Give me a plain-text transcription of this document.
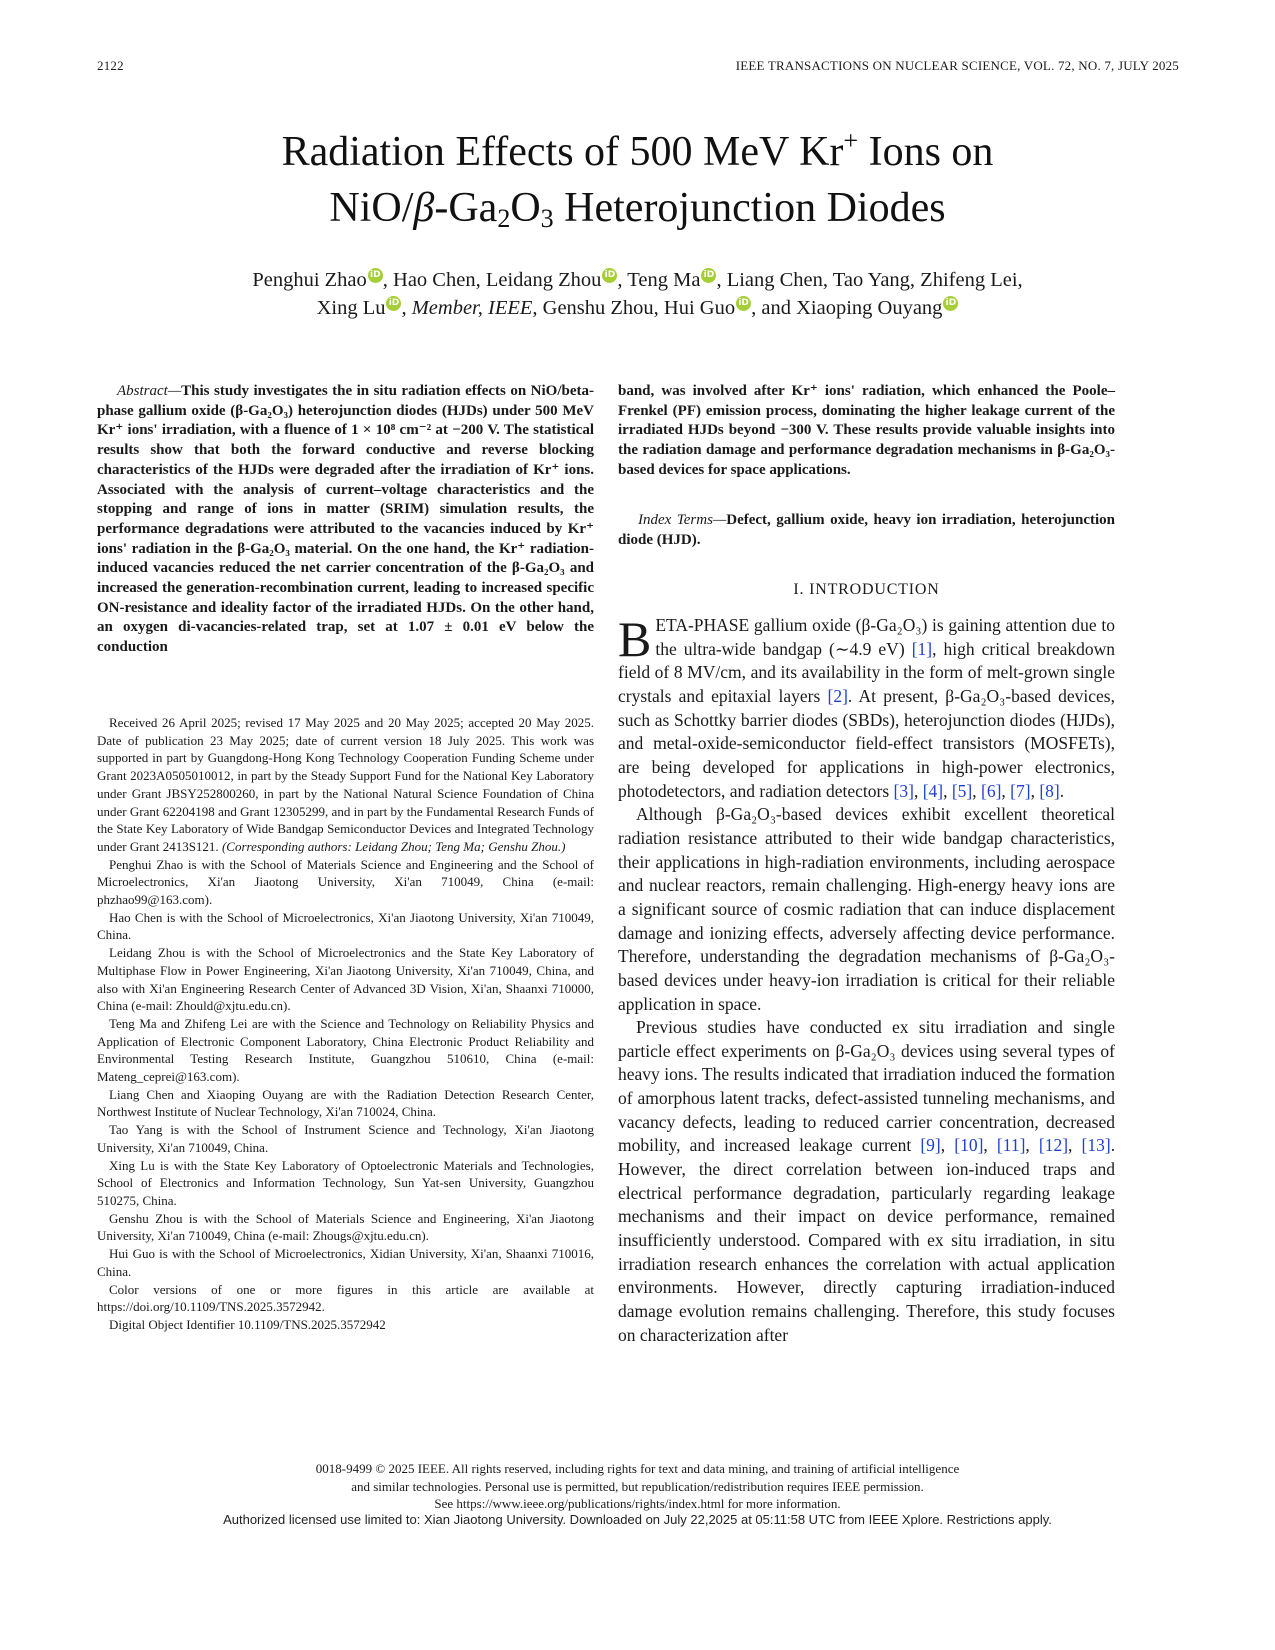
2122	IEEE TRANSACTIONS ON NUCLEAR SCIENCE, VOL. 72, NO. 7, JULY 2025
Radiation Effects of 500 MeV Kr+ Ions on
NiO/$\beta-Ga_2O_3$ Heterojunction Diodes
Penghui Zhao iD , Hao Chen, Leidang Zhou iD , Teng Ma iD , Liang Chen, Tao Yang, Zhifeng Lei,
Xing Lu iD , Member, IEEE, Genshu Zhou, Hui Guo iD , and Xiaoping Ouyang iD
Abstract—This study investigates the in situ radiation effects on NiO/beta-phase gallium oxide (β-Ga₂O₃) heterojunction diodes (HJDs) under 500 MeV Kr⁺ ions' irradiation, with a fluence of 1 × 10⁸ cm⁻² at −200 V. The statistical results show that both the forward conductive and reverse blocking characteristics of the HJDs were degraded after the irradiation of Kr⁺ ions. Associated with the analysis of current–voltage characteristics and the stopping and range of ions in matter (SRIM) simulation results, the performance degradations were attributed to the vacancies induced by Kr⁺ ions' radiation in the β-Ga₂O₃ material. On the one hand, the Kr⁺ radiation-induced vacancies reduced the net carrier concentration of the β-Ga₂O₃ and increased the generation-recombination current, leading to increased specific ON-resistance and ideality factor of the irradiated HJDs. On the other hand, an oxygen di-vacancies-related trap, set at 1.07 ± 0.01 eV below the conduction
band, was involved after Kr⁺ ions' radiation, which enhanced the Poole–Frenkel (PF) emission process, dominating the higher leakage current of the irradiated HJDs beyond −300 V. These results provide valuable insights into the radiation damage and performance degradation mechanisms in β-Ga₂O₃-based devices for space applications.
Index Terms—Defect, gallium oxide, heavy ion irradiation, heterojunction diode (HJD).
I. INTRODUCTION

BETA-PHASE gallium oxide (β-Ga₂O₃) is gaining attention due to the ultra-wide bandgap (∼4.9 eV) [1], high critical breakdown field of 8 MV/cm, and its availability in the form of melt-grown single crystals and epitaxial layers [2]. At present, β-Ga₂O₃-based devices, such as Schottky barrier diodes (SBDs), heterojunction diodes (HJDs), and metal-oxide-semiconductor field-effect transistors (MOSFETs), are being developed for applications in high-power electronics, photodetectors, and radiation detectors [3], [4], [5], [6], [7], [8].

Although β-Ga₂O₃-based devices exhibit excellent theoretical radiation resistance attributed to their wide bandgap characteristics, their applications in high-radiation environments, including aerospace and nuclear reactors, remain challenging. High-energy heavy ions are a significant source of cosmic radiation that can induce displacement damage and ionizing effects, adversely affecting device performance. Therefore, understanding the degradation mechanisms of β-Ga₂O₃-based devices under heavy-ion irradiation is critical for their reliable application in space.

Previous studies have conducted ex situ irradiation and single particle effect experiments on β-Ga₂O₃ devices using several types of heavy ions. The results indicated that irradiation induced the formation of amorphous latent tracks, defect-assisted tunneling mechanisms, and vacancy defects, leading to reduced carrier concentration, decreased mobility, and increased leakage current [9], [10], [11], [12], [13]. However, the direct correlation between ion-induced traps and electrical performance degradation, particularly regarding leakage mechanisms and their impact on device performance, remained insufficiently understood. Compared with ex situ irradiation, in situ irradiation research enhances the correlation with actual application environments. However, directly capturing irradiation-induced damage evolution remains challenging. Therefore, this study focuses on characterization after

Received 26 April 2025; revised 17 May 2025 and 20 May 2025; accepted 20 May 2025. Date of publication 23 May 2025; date of current version 18 July 2025. This work was supported in part by Guangdong-Hong Kong Technology Cooperation Funding Scheme under Grant 2023A0505010012, in part by the Steady Support Fund for the National Key Laboratory under Grant JBSY252800260, in part by the National Natural Science Foundation of China under Grant 62204198 and Grant 12305299, and in part by the Fundamental Research Funds of the State Key Laboratory of Wide Bandgap Semiconductor Devices and Integrated Technology under Grant 2413S121. (Corresponding authors: Leidang Zhou; Teng Ma; Genshu Zhou.)

Penghui Zhao is with the School of Materials Science and Engineering and the School of Microelectronics, Xi'an Jiaotong University, Xi'an 710049, China (e-mail: phzhao99@163.com).

Hao Chen is with the School of Microelectronics, Xi'an Jiaotong University, Xi'an 710049, China.

Leidang Zhou is with the School of Microelectronics and the State Key Laboratory of Multiphase Flow in Power Engineering, Xi'an Jiaotong University, Xi'an 710049, China, and also with Xi'an Engineering Research Center of Advanced 3D Vision, Xi'an, Shaanxi 710000, China (e-mail: Zhould@xjtu.edu.cn).

Teng Ma and Zhifeng Lei are with the Science and Technology on Reliability Physics and Application of Electronic Component Laboratory, China Electronic Product Reliability and Environmental Testing Research Institute, Guangzhou 510610, China (e-mail: Mateng_ceprei@163.com).

Liang Chen and Xiaoping Ouyang are with the Radiation Detection Research Center, Northwest Institute of Nuclear Technology, Xi'an 710024, China.

Tao Yang is with the School of Instrument Science and Technology, Xi'an Jiaotong University, Xi'an 710049, China.

Xing Lu is with the State Key Laboratory of Optoelectronic Materials and Technologies, School of Electronics and Information Technology, Sun Yat-sen University, Guangzhou 510275, China.

Genshu Zhou is with the School of Materials Science and Engineering, Xi'an Jiaotong University, Xi'an 710049, China (e-mail: Zhougs@xjtu.edu.cn).

Hui Guo is with the School of Microelectronics, Xidian University, Xi'an, Shaanxi 710016, China.

Color versions of one or more figures in this article are available at https://doi.org/10.1109/TNS.2025.3572942.

Digital Object Identifier 10.1109/TNS.2025.3572942

0018-9499 © 2025 IEEE. All rights reserved, including rights for text and data mining, and training of artificial intelligence
and similar technologies. Personal use is permitted, but republication/redistribution requires IEEE permission.
See https://www.ieee.org/publications/rights/index.html for more information.
Authorized licensed use limited to: Xian Jiaotong University. Downloaded on July 22,2025 at 05:11:58 UTC from IEEE Xplore. Restrictions apply.
